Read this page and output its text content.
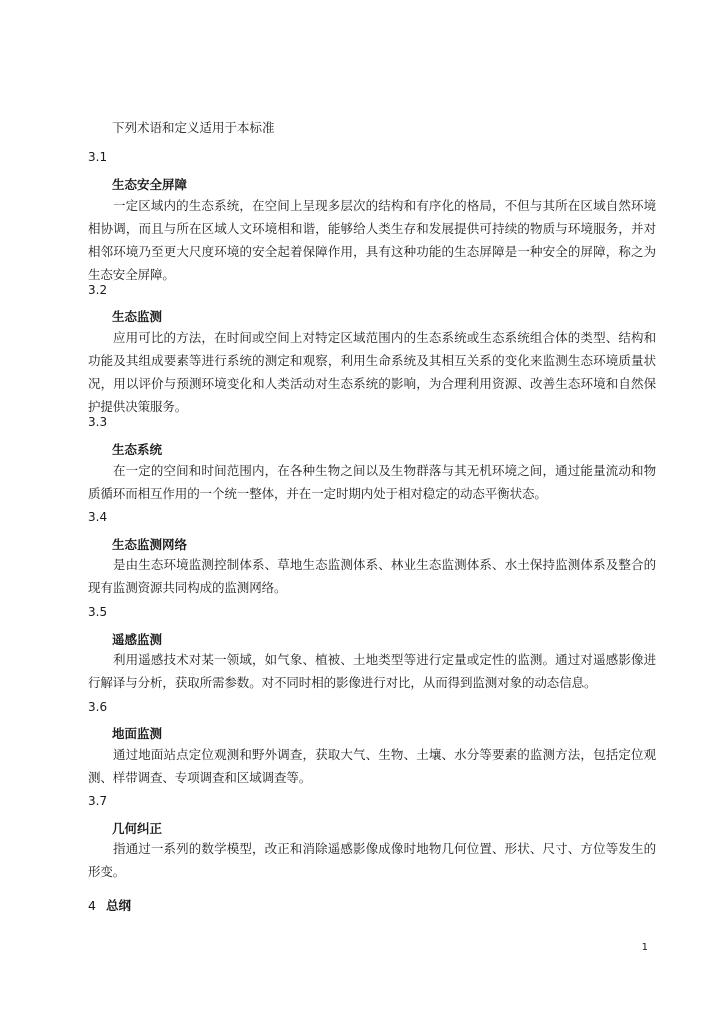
下列术语和定义适用于本标准
3.1
生态安全屏障
一定区域内的生态系统，在空间上呈现多层次的结构和有序化的格局，不但与其所在区域自然环境相协调，而且与所在区域人文环境相和谐，能够给人类生存和发展提供可持续的物质与环境服务，并对相邻环境乃至更大尺度环境的安全起着保障作用，具有这种功能的生态屏障是一种安全的屏障，称之为生态安全屏障。
3.2
生态监测
应用可比的方法，在时间或空间上对特定区域范围内的生态系统或生态系统组合体的类型、结构和功能及其组成要素等进行系统的测定和观察，利用生命系统及其相互关系的变化来监测生态环境质量状况，用以评价与预测环境变化和人类活动对生态系统的影响，为合理利用资源、改善生态环境和自然保护提供决策服务。
3.3
生态系统
在一定的空间和时间范围内，在各种生物之间以及生物群落与其无机环境之间，通过能量流动和物质循环而相互作用的一个统一整体，并在一定时期内处于相对稳定的动态平衡状态。
3.4
生态监测网络
是由生态环境监测控制体系、草地生态监测体系、林业生态监测体系、水土保持监测体系及整合的现有监测资源共同构成的监测网络。
3.5
遥感监测
利用遥感技术对某一领域，如气象、植被、土地类型等进行定量或定性的监测。通过对遥感影像进行解译与分析，获取所需参数。对不同时相的影像进行对比，从而得到监测对象的动态信息。
3.6
地面监测
通过地面站点定位观测和野外调查，获取大气、生物、土壤、水分等要素的监测方法，包括定位观测、样带调查、专项调查和区域调查等。
3.7
几何纠正
指通过一系列的数学模型，改正和消除遥感影像成像时地物几何位置、形状、尺寸、方位等发生的形变。
4 总纲
1
